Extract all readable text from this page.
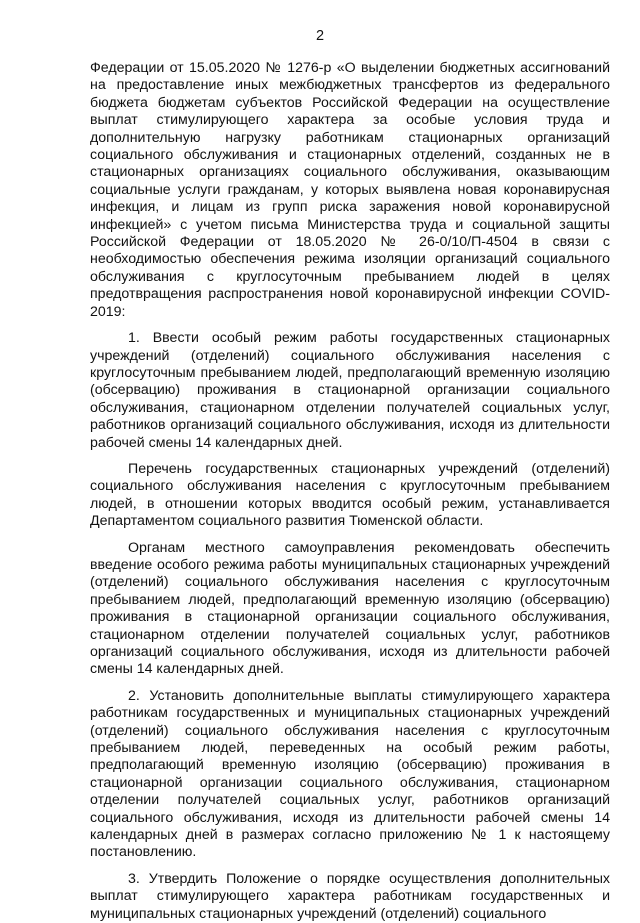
2

Федерации от 15.05.2020 № 1276-р «О выделении бюджетных ассигнований на предоставление иных межбюджетных трансфертов из федерального бюджета бюджетам субъектов Российской Федерации на осуществление выплат стимулирующего характера за особые условия труда и дополнительную нагрузку работникам стационарных организаций социального обслуживания и стационарных отделений, созданных не в стационарных организациях социального обслуживания, оказывающим социальные услуги гражданам, у которых выявлена новая коронавирусная инфекция, и лицам из групп риска заражения новой коронавирусной инфекцией» с учетом письма Министерства труда и социальной защиты Российской Федерации от 18.05.2020 № 26-0/10/П-4504 в связи с необходимостью обеспечения режима изоляции организаций социального обслуживания с круглосуточным пребыванием людей в целях предотвращения распространения новой коронавирусной инфекции COVID-2019:

1. Ввести особый режим работы государственных стационарных учреждений (отделений) социального обслуживания населения с круглосуточным пребыванием людей, предполагающий временную изоляцию (обсервацию) проживания в стационарной организации социального обслуживания, стационарном отделении получателей социальных услуг, работников организаций социального обслуживания, исходя из длительности рабочей смены 14 календарных дней.

Перечень государственных стационарных учреждений (отделений) социального обслуживания населения с круглосуточным пребыванием людей, в отношении которых вводится особый режим, устанавливается Департаментом социального развития Тюменской области.

Органам местного самоуправления рекомендовать обеспечить введение особого режима работы муниципальных стационарных учреждений (отделений) социального обслуживания населения с круглосуточным пребыванием людей, предполагающий временную изоляцию (обсервацию) проживания в стационарной организации социального обслуживания, стационарном отделении получателей социальных услуг, работников организаций социального обслуживания, исходя из длительности рабочей смены 14 календарных дней.

2. Установить дополнительные выплаты стимулирующего характера работникам государственных и муниципальных стационарных учреждений (отделений) социального обслуживания населения с круглосуточным пребыванием людей, переведенных на особый режим работы, предполагающий временную изоляцию (обсервацию) проживания в стационарной организации социального обслуживания, стационарном отделении получателей социальных услуг, работников организаций социального обслуживания, исходя из длительности рабочей смены 14 календарных дней в размерах согласно приложению № 1 к настоящему постановлению.

3. Утвердить Положение о порядке осуществления дополнительных выплат стимулирующего характера работникам государственных и муниципальных стационарных учреждений (отделений) социального
